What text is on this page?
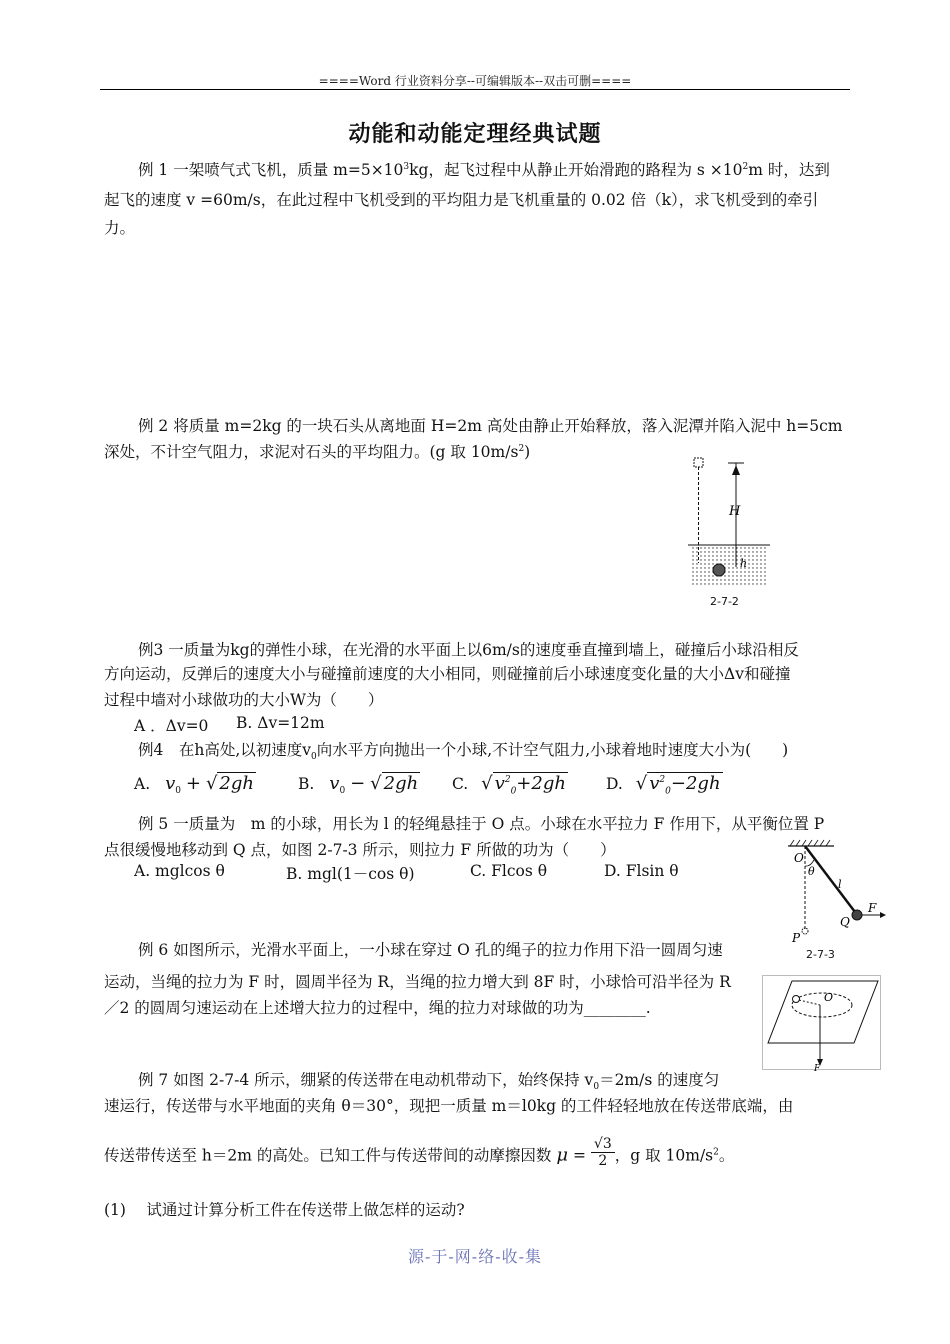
====Word 行业资料分享--可编辑版本--双击可删====
动能和动能定理经典试题
例 1 一架喷气式飞机，质量 $m=5\times 10^3kg$，起飞过程中从静止开始滑跑的路程为 $s \times 10^2m$ 时，达到
起飞的速度 v =60m/s，在此过程中飞机受到的平均阻力是飞机重量的 0.02 倍（k），求飞机受到的牵引
力。
例 2 将质量 m=2kg 的一块石头从离地面 H=2m 高处由静止开始释放，落入泥潭并陷入泥中 h=5cm
深处，不计空气阻力，求泥对石头的平均阻力。(g 取 $10m/s^2$)
H
h
2-7-2
例3 一质量为kg的弹性小球，在光滑的水平面上以6m/s的速度垂直撞到墙上，碰撞后小球沿相反
方向运动，反弹后的速度大小与碰撞前速度的大小相同，则碰撞前后小球速度变化量的大小Δv和碰撞
过程中墙对小球做功的大小W为（　　）
A ．Δv=0 B. Δv=12m
例4　在h高处,以初速度$v_0$向水平方向抛出一个小球,不计空气阻力,小球着地时速度大小为(　　)
A. $v_0$ + √ 2gh	B. $v_0$ − √ 2gh C. √ $v^2_0+2gh$	D. √ $v^2_0-2gh$
例 5 一质量为　m 的小球，用长为 l 的轻绳悬挂于 O 点。小球在水平拉力 F 作用下，从平衡位置 P
点很缓慢地移动到 Q 点，如图 2-7-3 所示，则拉力 F 所做的功为（　　）
A. mglcos θ	B. mgl(1－cos θ)	C. Flcos θ	D. Flsin θ
O
θ
l
Q
F
P
2-7-3
例 6 如图所示，光滑水平面上，一小球在穿过 O 孔的绳子的拉力作用下沿一圆周匀速
运动，当绳的拉力为 F 时，圆周半径为 R，当绳的拉力增大到 8F 时，小球恰可沿半径为 R
／2 的圆周匀速运动在上述增大拉力的过程中，绳的拉力对球做的功为________.
O
F
例 7 如图 2-7-4 所示，绷紧的传送带在电动机带动下，始终保持 $v_0=2m/s$ 的速度匀
速运行，传送带与水平地面的夹角 θ＝30°，现把一质量 m＝l0kg 的工件轻轻地放在传送带底端，由
传送带传送至 h＝2m 的高处。已知工件与传送带间的动摩擦因数 $\mu = \frac{√3}{2}$ ，g 取 $10m/s^2$。
(1)　 试通过计算分析工件在传送带上做怎样的运动?
源-于-网-络-收-集
